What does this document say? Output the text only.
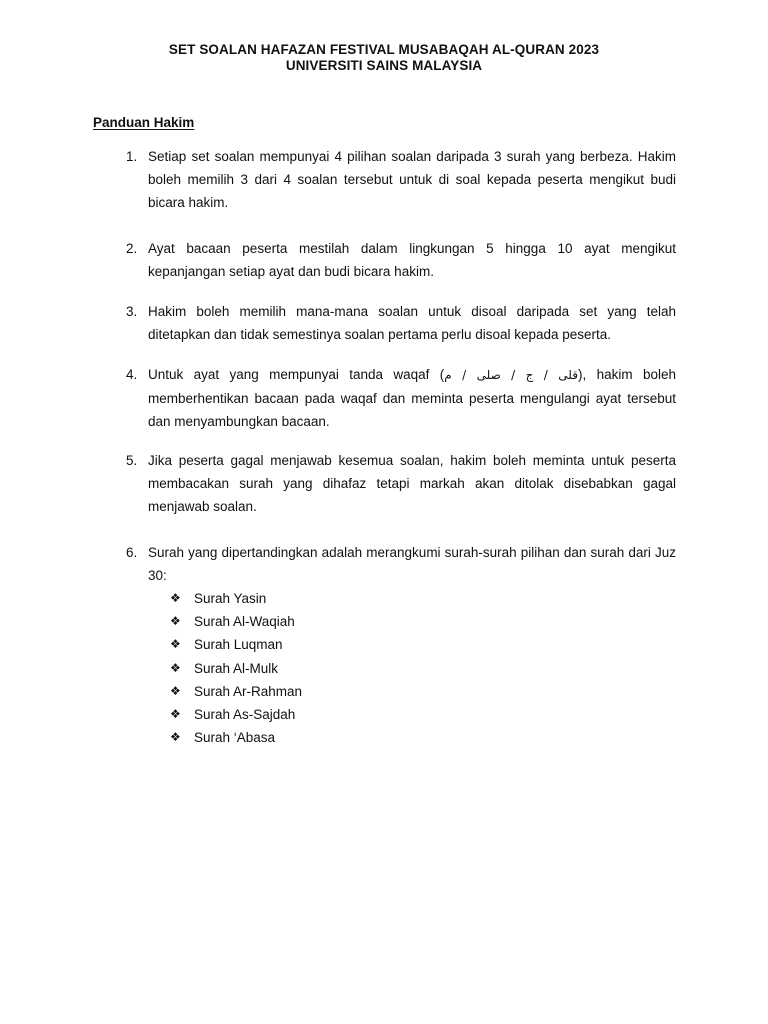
SET SOALAN HAFAZAN FESTIVAL MUSABAQAH AL-QURAN 2023
UNIVERSITI SAINS MALAYSIA
Panduan Hakim
1. Setiap set soalan mempunyai 4 pilihan soalan daripada 3 surah yang berbeza. Hakim boleh memilih 3 dari 4 soalan tersebut untuk di soal kepada peserta mengikut budi bicara hakim.
2. Ayat bacaan peserta mestilah dalam lingkungan 5 hingga 10 ayat mengikut kepanjangan setiap ayat dan budi bicara hakim.
3. Hakim boleh memilih mana-mana soalan untuk disoal daripada set yang telah ditetapkan dan tidak semestinya soalan pertama perlu disoal kepada peserta.
4. Untuk ayat yang mempunyai tanda waqaf (قلى / ج / صلى / م), hakim boleh memberhentikan bacaan pada waqaf dan meminta peserta mengulangi ayat tersebut dan menyambungkan bacaan.
5. Jika peserta gagal menjawab kesemua soalan, hakim boleh meminta untuk peserta membacakan surah yang dihafaz tetapi markah akan ditolak disebabkan gagal menjawab soalan.
6. Surah yang dipertandingkan adalah merangkumi surah-surah pilihan dan surah dari Juz 30:
❖ Surah Yasin
❖ Surah Al-Waqiah
❖ Surah Luqman
❖ Surah Al-Mulk
❖ Surah Ar-Rahman
❖ Surah As-Sajdah
❖ Surah ‘Abasa
